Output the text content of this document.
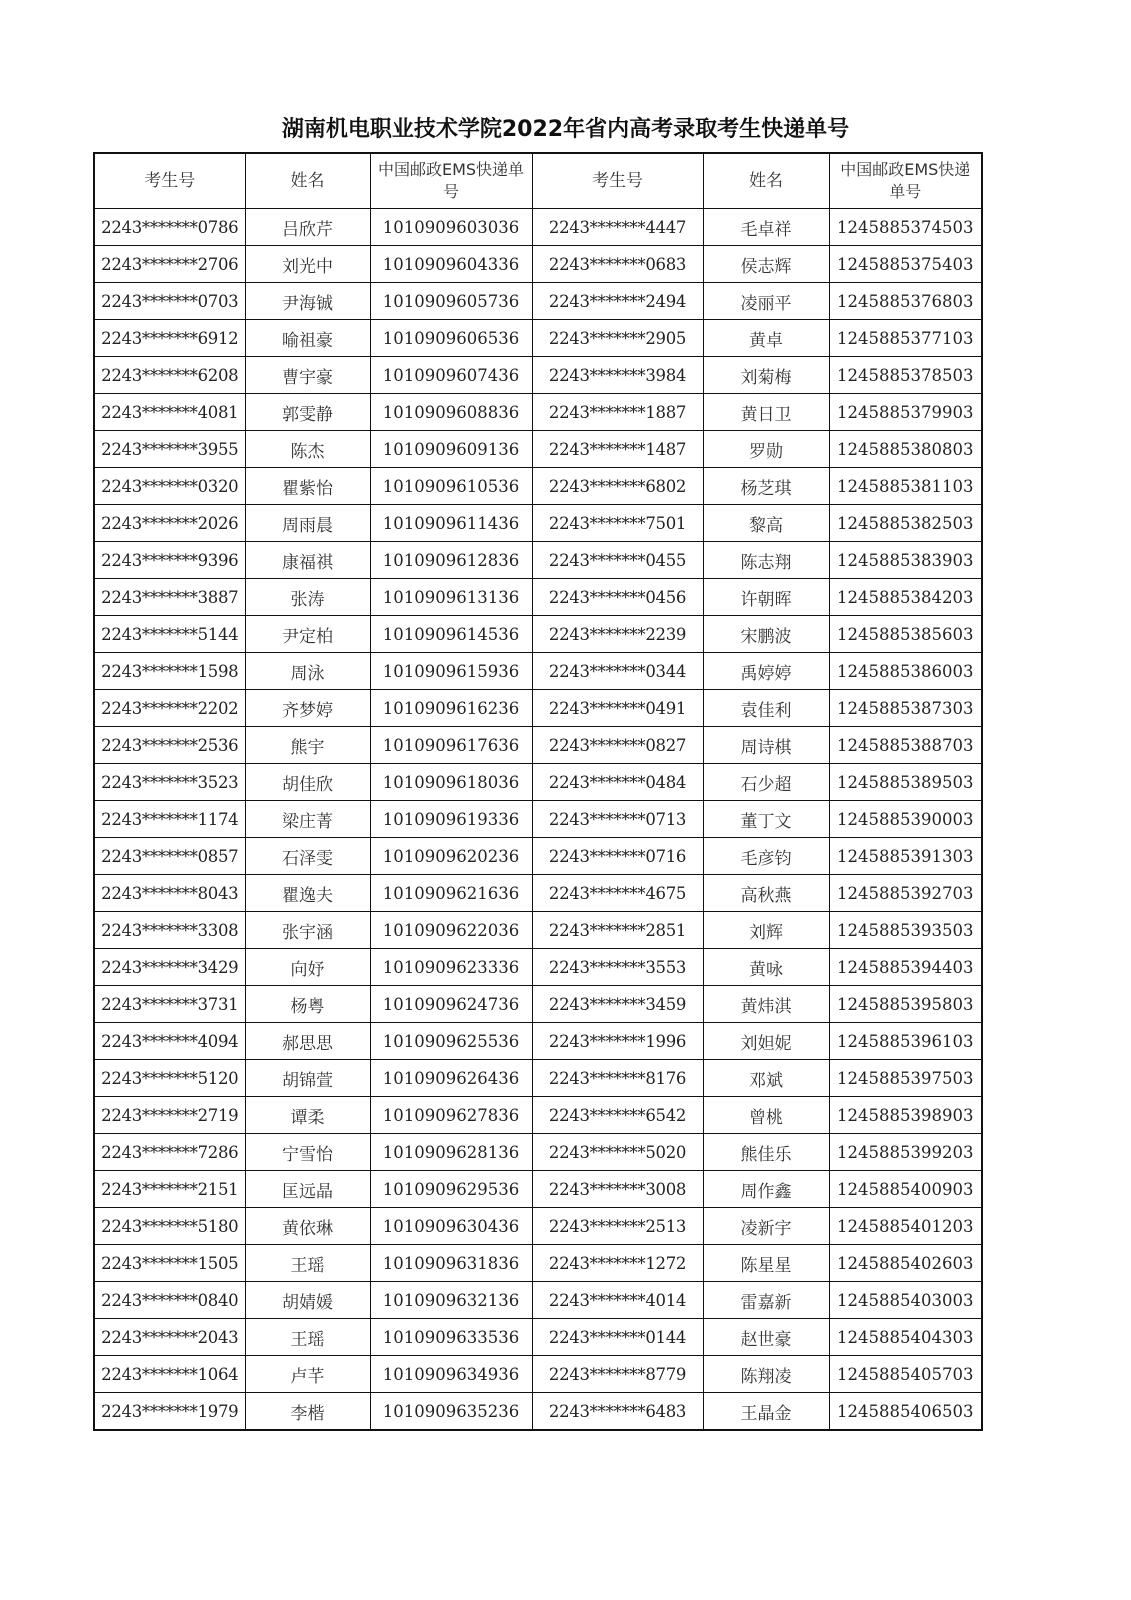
湖南机电职业技术学院2022年省内高考录取考生快递单号
考生号	姓名	中国邮政EMS快递单号	考生号	姓名	中国邮政EMS快递单号
2243*******0786	吕欣芹	1010909603036	2243*******4447	毛卓祥	1245885374503
2243*******2706	刘光中	1010909604336	2243*******0683	侯志辉	1245885375403
2243*******0703	尹海铖	1010909605736	2243*******2494	凌丽平	1245885376803
2243*******6912	喻祖豪	1010909606536	2243*******2905	黄卓	1245885377103
2243*******6208	曹宇豪	1010909607436	2243*******3984	刘菊梅	1245885378503
2243*******4081	郭雯静	1010909608836	2243*******1887	黄日卫	1245885379903
2243*******3955	陈杰	1010909609136	2243*******1487	罗勋	1245885380803
2243*******0320	瞿紫怡	1010909610536	2243*******6802	杨芝琪	1245885381103
2243*******2026	周雨晨	1010909611436	2243*******7501	黎高	1245885382503
2243*******9396	康福祺	1010909612836	2243*******0455	陈志翔	1245885383903
2243*******3887	张涛	1010909613136	2243*******0456	许朝晖	1245885384203
2243*******5144	尹定柏	1010909614536	2243*******2239	宋鹏波	1245885385603
2243*******1598	周泳	1010909615936	2243*******0344	禹婷婷	1245885386003
2243*******2202	齐梦婷	1010909616236	2243*******0491	袁佳利	1245885387303
2243*******2536	熊宇	1010909617636	2243*******0827	周诗棋	1245885388703
2243*******3523	胡佳欣	1010909618036	2243*******0484	石少超	1245885389503
2243*******1174	梁庄菁	1010909619336	2243*******0713	董丁文	1245885390003
2243*******0857	石泽雯	1010909620236	2243*******0716	毛彦钧	1245885391303
2243*******8043	瞿逸夫	1010909621636	2243*******4675	高秋燕	1245885392703
2243*******3308	张宇涵	1010909622036	2243*******2851	刘辉	1245885393503
2243*******3429	向妤	1010909623336	2243*******3553	黄咏	1245885394403
2243*******3731	杨粤	1010909624736	2243*******3459	黄炜淇	1245885395803
2243*******4094	郝思思	1010909625536	2243*******1996	刘妲妮	1245885396103
2243*******5120	胡锦萱	1010909626436	2243*******8176	邓斌	1245885397503
2243*******2719	谭柔	1010909627836	2243*******6542	曾桃	1245885398903
2243*******7286	宁雪怡	1010909628136	2243*******5020	熊佳乐	1245885399203
2243*******2151	匡远晶	1010909629536	2243*******3008	周作鑫	1245885400903
2243*******5180	黄依琳	1010909630436	2243*******2513	凌新宇	1245885401203
2243*******1505	王瑶	1010909631836	2243*******1272	陈星星	1245885402603
2243*******0840	胡婧媛	1010909632136	2243*******4014	雷嘉新	1245885403003
2243*******2043	王瑶	1010909633536	2243*******0144	赵世豪	1245885404303
2243*******1064	卢芊	1010909634936	2243*******8779	陈翔凌	1245885405703
2243*******1979	李楷	1010909635236	2243*******6483	王晶金	1245885406503
